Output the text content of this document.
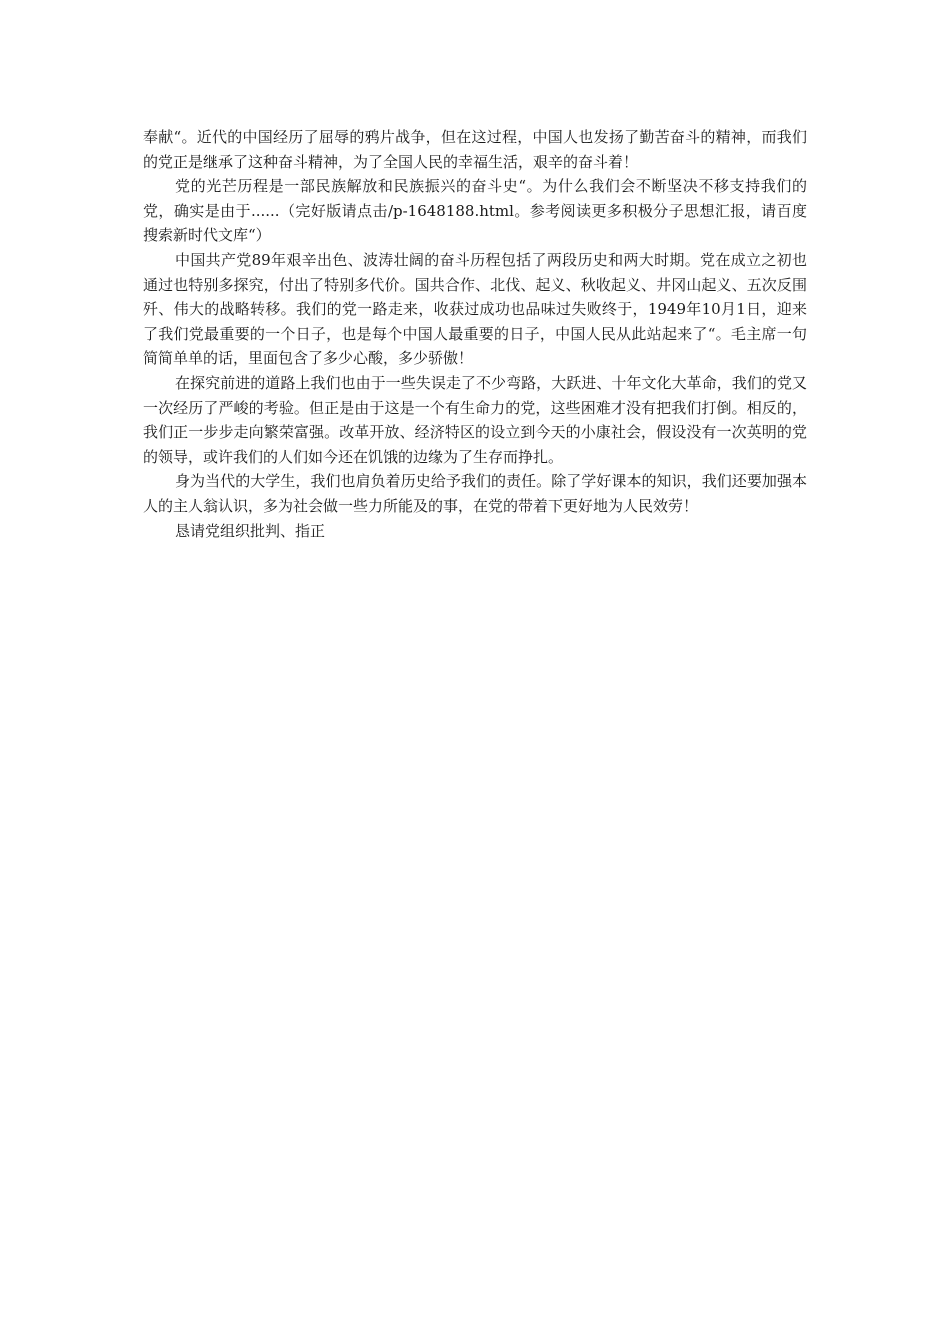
奉献“。近代的中国经历了屈辱的鸦片战争，但在这过程，中国人也发扬了勤苦奋斗的精神，而我们的党正是继承了这种奋斗精神，为了全国人民的幸福生活，艰辛的奋斗着！

党的光芒历程是一部民族解放和民族振兴的奋斗史“。为什么我们会不断坚决不移支持我们的党，确实是由于......（完好版请点击/p-1648188.html。参考阅读更多积极分子思想汇报，请百度搜索新时代文库“）

中国共产党89年艰辛出色、波涛壮阔的奋斗历程包括了两段历史和两大时期。党在成立之初也通过也特别多探究，付出了特别多代价。国共合作、北伐、起义、秋收起义、井冈山起义、五次反围歼、伟大的战略转移。我们的党一路走来，收获过成功也品味过失败终于，1949年10月1日，迎来了我们党最重要的一个日子，也是每个中国人最重要的日子，中国人民从此站起来了“。毛主席一句简简单单的话，里面包含了多少心酸，多少骄傲！

在探究前进的道路上我们也由于一些失误走了不少弯路，大跃进、十年文化大革命，我们的党又一次经历了严峻的考验。但正是由于这是一个有生命力的党，这些困难才没有把我们打倒。相反的，我们正一步步走向繁荣富强。改革开放、经济特区的设立到今天的小康社会，假设没有一次英明的党的领导，或许我们的人们如今还在饥饿的边缘为了生存而挣扎。

身为当代的大学生，我们也肩负着历史给予我们的责任。除了学好课本的知识，我们还要加强本人的主人翁认识，多为社会做一些力所能及的事，在党的带着下更好地为人民效劳！

恳请党组织批判、指正
